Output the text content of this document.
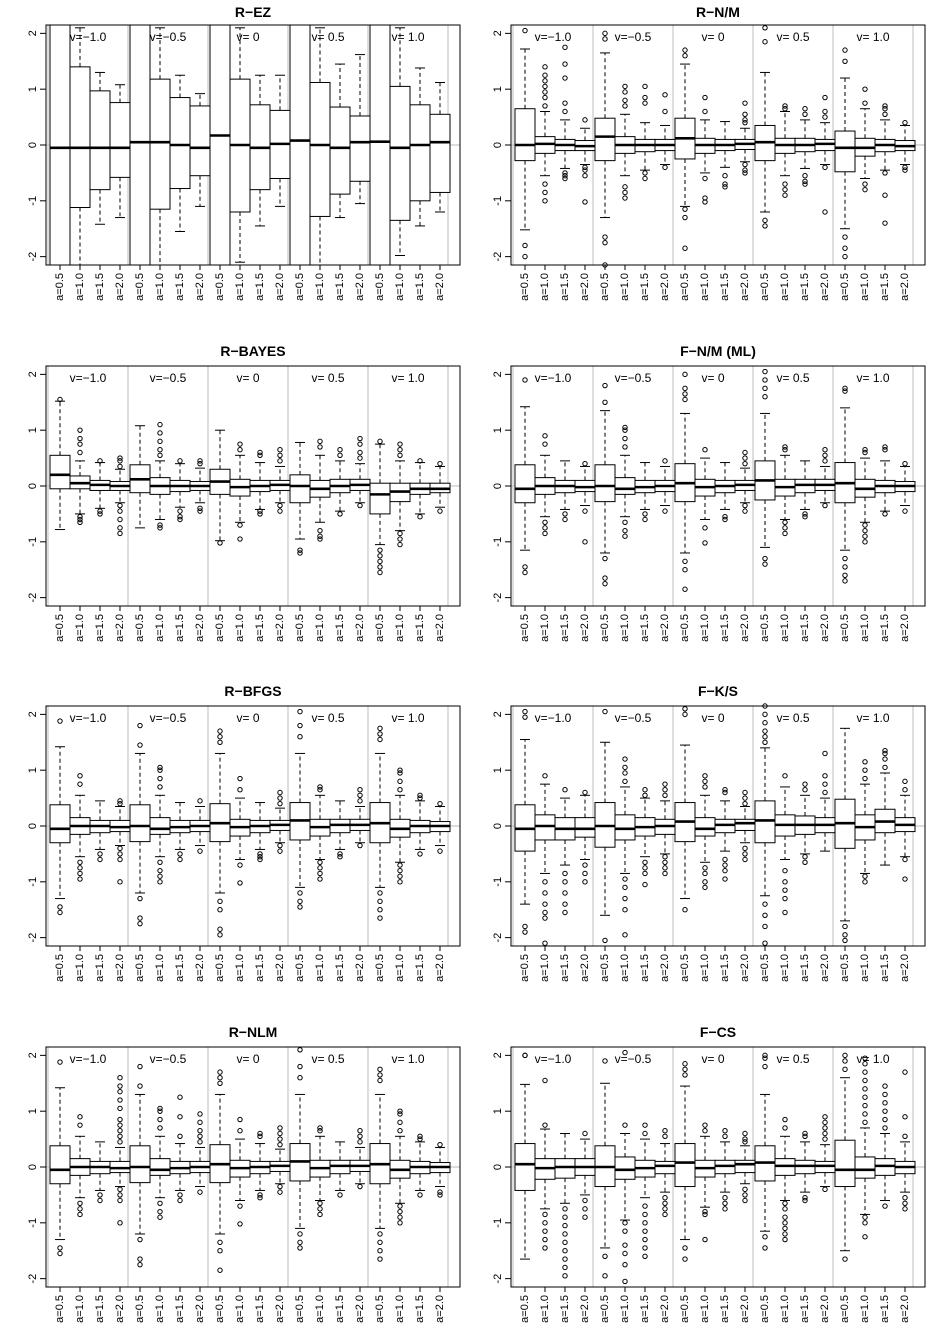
R−EZ
v=−1.0	v=−0.5	v= 0	v= 0.5	v= 1.0
-2
-1
0
1
2
a=0.5 a=1.0 a=1.5 a=2.0 a=0.5 a=1.0 a=1.5 a=2.0 a=0.5 a=1.0 a=1.5 a=2.0 a=0.5 a=1.0 a=1.5 a=2.0 a=0.5 a=1.0 a=1.5 a=2.0
R−N/M
v=−1.0	v=−0.5	v= 0	v= 0.5	v= 1.0
-2
-1
0
1
2
a=0.5 a=1.0 a=1.5 a=2.0 a=0.5 a=1.0 a=1.5 a=2.0 a=0.5 a=1.0 a=1.5 a=2.0 a=0.5 a=1.0 a=1.5 a=2.0 a=0.5 a=1.0 a=1.5 a=2.0
R−BAYES
v=−1.0	v=−0.5	v= 0	v= 0.5	v= 1.0
-2
-1
0
1
2
a=0.5 a=1.0 a=1.5 a=2.0 a=0.5 a=1.0 a=1.5 a=2.0 a=0.5 a=1.0 a=1.5 a=2.0 a=0.5 a=1.0 a=1.5 a=2.0 a=0.5 a=1.0 a=1.5 a=2.0
F−N/M (ML)
v=−1.0	v=−0.5	v= 0	v= 0.5	v= 1.0
-2
-1
0
1
2
a=0.5 a=1.0 a=1.5 a=2.0 a=0.5 a=1.0 a=1.5 a=2.0 a=0.5 a=1.0 a=1.5 a=2.0 a=0.5 a=1.0 a=1.5 a=2.0 a=0.5 a=1.0 a=1.5 a=2.0
R−BFGS
v=−1.0	v=−0.5	v= 0	v= 0.5	v= 1.0
-2
-1
0
1
2
a=0.5 a=1.0 a=1.5 a=2.0 a=0.5 a=1.0 a=1.5 a=2.0 a=0.5 a=1.0 a=1.5 a=2.0 a=0.5 a=1.0 a=1.5 a=2.0 a=0.5 a=1.0 a=1.5 a=2.0
F−K/S
v=−1.0	v=−0.5	v= 0	v= 0.5	v= 1.0
-2
-1
0
1
2
a=0.5 a=1.0 a=1.5 a=2.0 a=0.5 a=1.0 a=1.5 a=2.0 a=0.5 a=1.0 a=1.5 a=2.0 a=0.5 a=1.0 a=1.5 a=2.0 a=0.5 a=1.0 a=1.5 a=2.0
R−NLM
v=−1.0	v=−0.5	v= 0	v= 0.5	v= 1.0
-2
-1
0
1
2
a=0.5 a=1.0 a=1.5 a=2.0 a=0.5 a=1.0 a=1.5 a=2.0 a=0.5 a=1.0 a=1.5 a=2.0 a=0.5 a=1.0 a=1.5 a=2.0 a=0.5 a=1.0 a=1.5 a=2.0
F−CS
v=−1.0	v=−0.5	v= 0	v= 0.5	v= 1.0
-2
-1
0
1
2
a=0.5 a=1.0 a=1.5 a=2.0 a=0.5 a=1.0 a=1.5 a=2.0 a=0.5 a=1.0 a=1.5 a=2.0 a=0.5 a=1.0 a=1.5 a=2.0 a=0.5 a=1.0 a=1.5 a=2.0
